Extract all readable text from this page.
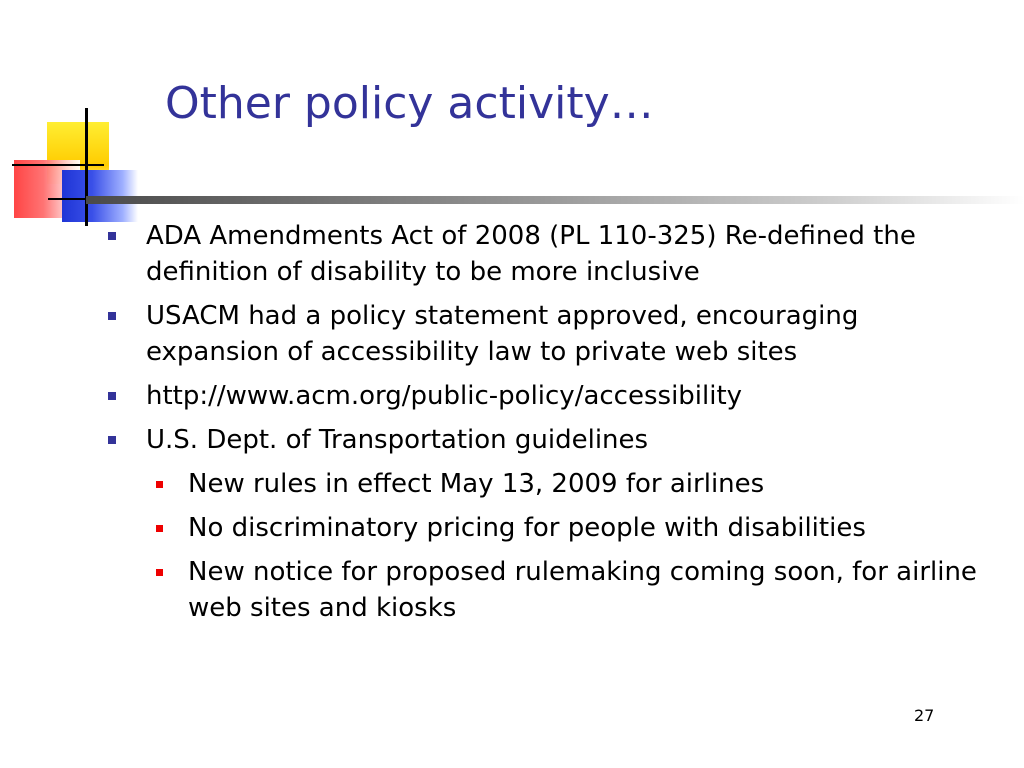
Other policy activity…
ADA Amendments Act of 2008 (PL 110-325) Re-defined the definition of disability to be more inclusive
USACM had a policy statement approved, encouraging expansion of accessibility law to private web sites
http://www.acm.org/public-policy/accessibility
U.S. Dept. of Transportation guidelines
New rules in effect May 13, 2009 for airlines
No discriminatory pricing for people with disabilities
New notice for proposed rulemaking coming soon, for airline web sites and kiosks
27
